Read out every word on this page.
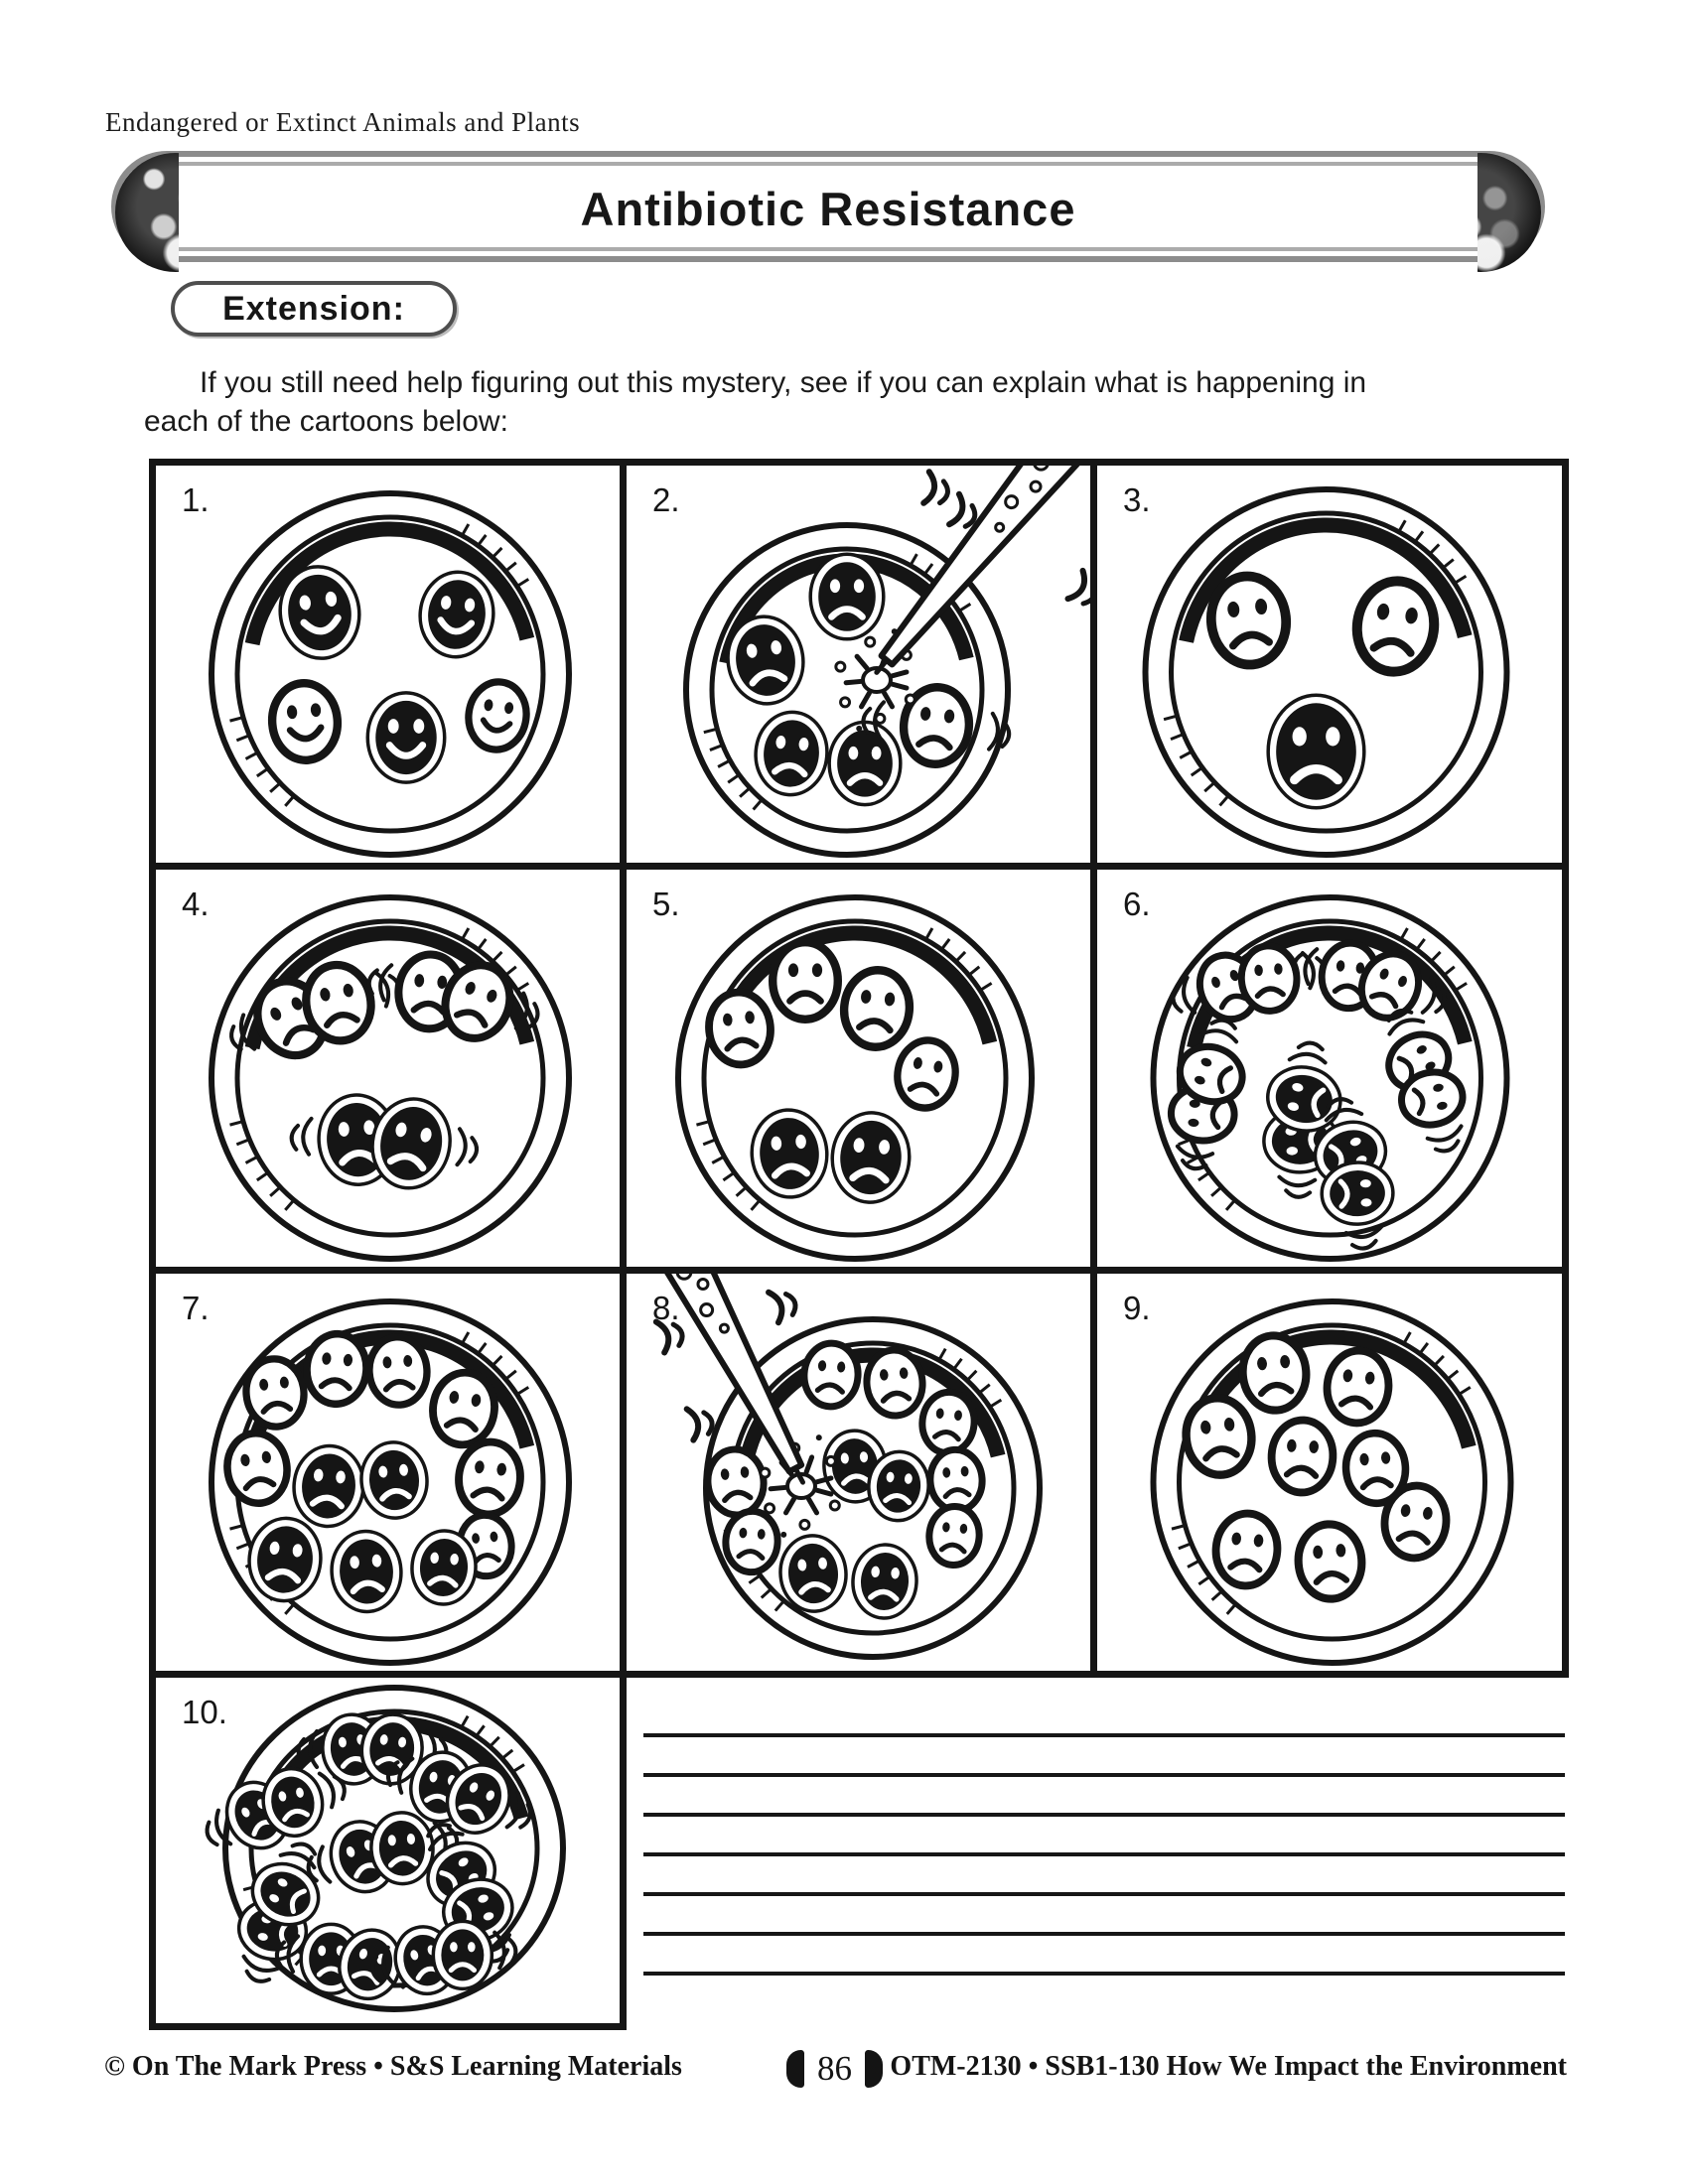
Endangered or Extinct Animals and Plants
Antibiotic Resistance
Extension:
If you still need help figuring out this mystery, see if you can explain what is happening in
each of the cartoons below:
1.	2.	3.
4.	5.	6.
7.	8.	9.
10.
© On The Mark Press • S&S Learning Materials	86 OTM-2130 • SSB1-130 How We Impact the Environment
